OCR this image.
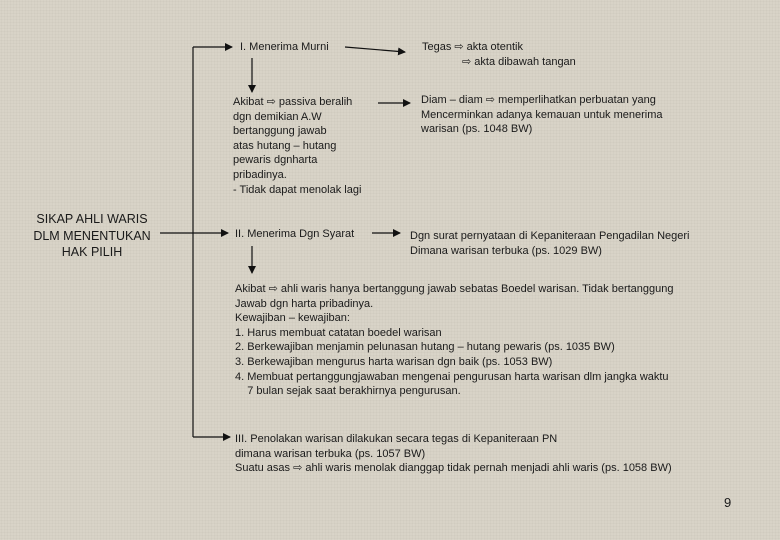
SIKAP AHLI WARIS
DLM MENENTUKAN
HAK PILIH
I. Menerima Murni
Akibat ⇨ passiva beralih
dgn demikian A.W
bertanggung jawab
atas hutang – hutang
pewaris dgnharta
pribadinya.
- Tidak dapat menolak lagi
Tegas ⇨ akta otentik
⇨ akta dibawah tangan
Diam – diam ⇨ memperlihatkan perbuatan yang
Mencerminkan adanya kemauan untuk menerima
warisan (ps. 1048 BW)
II. Menerima Dgn Syarat	Dgn surat pernyataan di Kepaniteraan Pengadilan Negeri
Dimana warisan terbuka (ps. 1029 BW)
Akibat ⇨ ahli waris hanya bertanggung jawab sebatas Boedel warisan. Tidak bertanggung
Jawab dgn harta pribadinya.
Kewajiban – kewajiban:
1. Harus membuat catatan boedel warisan
2. Berkewajiban menjamin pelunasan hutang – hutang pewaris (ps. 1035 BW)
3. Berkewajiban mengurus harta warisan dgn baik (ps. 1053 BW)
4. Membuat pertanggungjawaban mengenai pengurusan harta warisan dlm jangka waktu
7 bulan sejak saat berakhirnya pengurusan.
III. Penolakan warisan dilakukan secara tegas di Kepaniteraan PN
dimana warisan terbuka (ps. 1057 BW)
Suatu asas ⇨ ahli waris menolak dianggap tidak pernah menjadi ahli waris (ps. 1058 BW)
9
